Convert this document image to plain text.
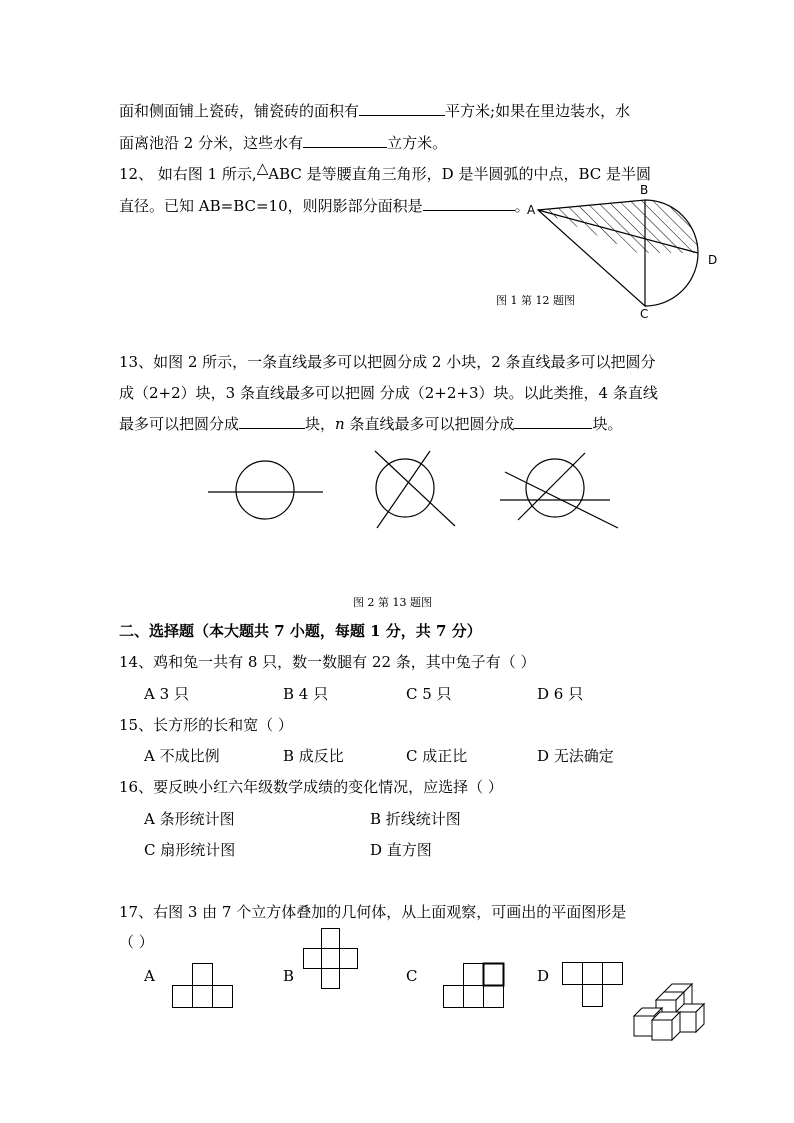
面和侧面铺上瓷砖，铺瓷砖的面积有	平方米;如果在里边装水，水
面离池沿 2 分米，这些水有	立方米。
12、 如右图 1 所示,△ABC 是等腰直角三角形，D 是半圆弧的中点，BC 是半圆
直径。已知 AB=BC=10，则阴影部分面积是	。
A
B
C
D
图 1 第 12 题图
13、如图 2 所示，一条直线最多可以把圆分成 2 小块，2 条直线最多可以把圆分
成（2+2）块，3 条直线最多可以把圆 分成（2+2+3）块。以此类推，4 条直线
最多可以把圆分成	块，n 条直线最多可以把圆分成	块。
图 2 第 13 题图
二、选择题（本大题共 7 小题，每题 1 分，共 7 分）
14、鸡和兔一共有 8 只，数一数腿有 22 条，其中兔子有（ ）
A 3 只	B 4 只	C 5 只	D 6 只
15、长方形的长和宽（ ）
A 不成比例	B 成反比	C 成正比	D 无法确定
16、要反映小红六年级数学成绩的变化情况，应选择（ ）
A 条形统计图	B 折线统计图
C 扇形统计图	D 直方图
17、右图 3 由 7 个立方体叠加的几何体，从上面观察，可画出的平面图形是
（ ）
A	B	C	D
